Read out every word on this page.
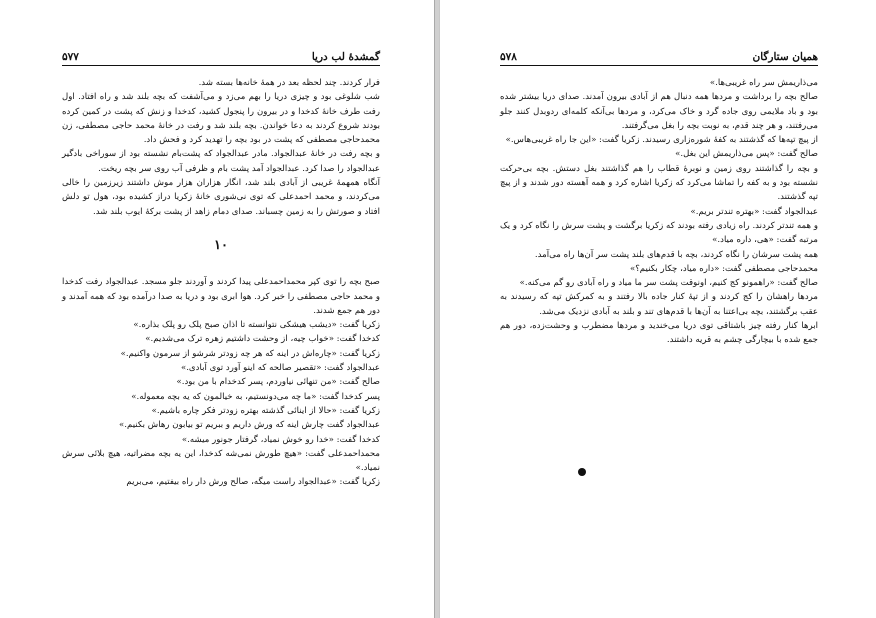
گمشدهٔ لب دریا
۵۷۷

فرار کردند. چند لحظه بعد در همهٔ خانه‌ها بسته شد.

شب شلوغی بود و چیزی دریا را بهم می‌زد و می‌آشفت که بچه بلند شد و راه افتاد. اول رفت طرف خانهٔ کدخدا و در بیرون را پنجول کشید، کدخدا و زنش که پشت در کمین کرده بودند شروع کردند به دعا خواندن. بچه بلند شد و رفت در خانهٔ محمد حاجی مصطفی، زن محمدحاجی مصطفی که پشت در بود بچه را تهدید کرد و فحش داد.

و بچه رفت در خانهٔ عبدالجواد. مادر عبدالجواد که پشت‌بام نشسته بود از سوراخی بادگیر عبدالجواد را صدا کرد. عبدالجواد آمد پشت بام و ظرفی آب روی سر بچه ریخت.

آنگاه همهمهٔ غریبی از آبادی بلند شد، انگار هزاران هزار موش داشتند زیرزمین را خالی می‌کردند، و محمد احمدعلی که توی نی‌شوری خانهٔ زکریا دراز کشیده بود، هول تو دلش افتاد و صورتش را به زمین چسباند. صدای دمام زاهد از پشت برکهٔ ایوب بلند شد.

۱۰

صبح بچه را توی کپر محمداحمدعلی پیدا کردند و آوردند جلو مسجد. عبدالجواد رفت کدخدا و محمد حاجی مصطفی را خبر کرد. هوا ابری بود و دریا به صدا درآمده بود که همه آمدند و دور هم جمع شدند.

زکریا گفت: «دیشب هیشکی نتوانسته تا اذان صبح پلک رو پلک بذاره.»

کدخدا گفت: «خواب چیه، از وحشت داشتیم زهره ترک می‌شدیم.»

زکریا گفت: «چاره‌اش در اینه که هر چه زودتر شرشو از سرمون واکنیم.»

عبدالجواد گفت: «تقصیر صالحه که اینو آورد توی آبادی.»

صالح گفت: «من تنهائی نیاوردم، پسر کدخدام با من بود.»

پسر کدخدا گفت: «ما چه می‌دونستیم، به خیالمون که یه بچه معموله.»

زکریا گفت: «حالا از اینائی گذشته بهتره زودتر فکر چاره باشیم.»

عبدالجواد گفت چارش اینه که ورش داریم و ببریم تو بیابون رهاش بکنیم.»

کدخدا گفت: «خدا رو خوش نمیاد، گرفتار جونور میشه.»

محمداحمدعلی گفت: «هیچ طورش نمی‌شه کدخدا، این یه بچه مضراتیه، هیچ بلائی سرش نمیاد.»

زکریا گفت: «عبدالجواد راست میگه، صالح ورش دار راه بیفتیم، می‌بریم

همیان ستارگان
۵۷۸

می‌ذاریمش سر راه غریبی‌ها.»

صالح بچه را برداشت و مردها همه دنبال هم از آبادی بیرون آمدند. صدای دریا بیشتر شده بود و باد ملایمی روی جاده گرد و خاک می‌کرد، و مردها بی‌آنکه کلمه‌ای ردوبدل کنند جلو می‌رفتند، و هر چند قدم، به نوبت بچه را بغل می‌گرفتند.

از پیچ تپه‌ها که گذشتند به کفهٔ شوره‌زاری رسیدند. زکریا گفت: «این جا راه غریبی‌هاس.»

صالح گفت: «پس می‌ذاریمش این بغل.»

و بچه را گذاشتند روی زمین و نوبره‌ٔ قطاب را هم گذاشتند بغل دستش. بچه بی‌حرکت نشسته بود و به کفه را تماشا می‌کرد که زکریا اشاره کرد و همه آهسته دور شدند و از پیچ تپه گذشتند.

عبدالجواد گفت: «بهتره تندتر بریم.»

و همه تندتر کردند. راه زیادی رفته بودند که زکریا برگشت و پشت سرش را نگاه کرد و یک مرتبه گفت: «هی، داره میاد.»

همه پشت سرشان را نگاه کردند، بچه با قدم‌های بلند پشت سر آن‌ها راه می‌آمد.

محمدحاجی مصطفی گفت: «داره میاد، چکار بکنیم؟»

صالح گفت: «راهمونو کج کنیم، اونوقت پشت سر ما میاد و راه آبادی رو گم می‌کنه.»

مردها راهشان را کج کردند و از تپهٔ کنار جاده بالا رفتند و به کمرکش تپه که رسیدند به عقب برگشتند، بچه بی‌اعتنا به آن‌ها با قدم‌های تند و بلند به آبادی نزدیک می‌شد.

ابرها کنار رفته چیز باشتاقی توی دریا می‌خندید و مردها مضطرب و وحشت‌زده، دور هم جمع شده با بیچارگی چشم به قریه داشتند.
